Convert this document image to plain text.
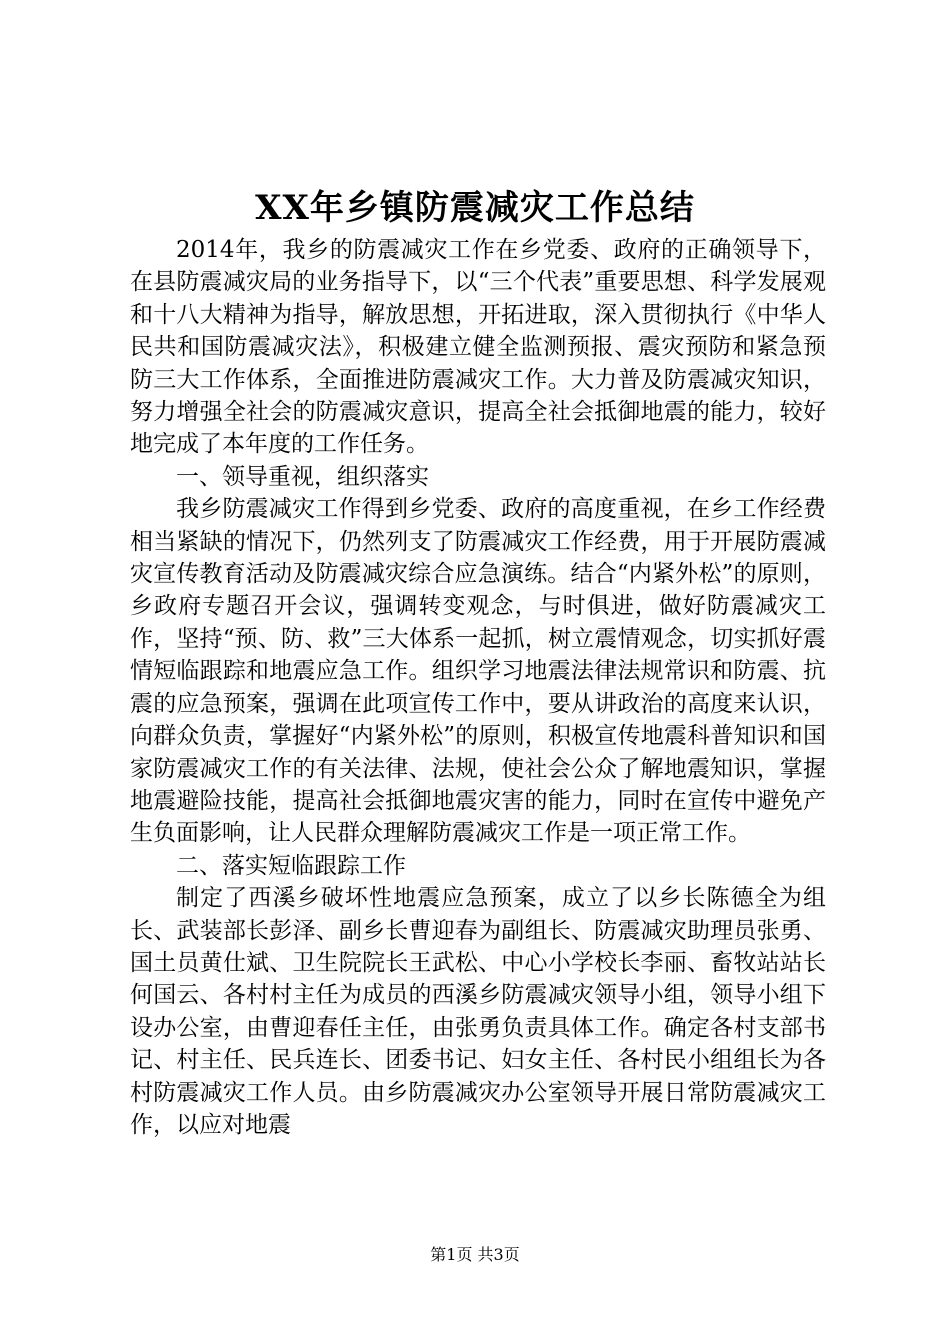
XX年乡镇防震减灾工作总结

2014年，我乡的防震减灾工作在乡党委、政府的正确领导下，在县防震减灾局的业务指导下，以“三个代表”重要思想、科学发展观和十八大精神为指导，解放思想，开拓进取，深入贯彻执行《中华人民共和国防震减灾法》，积极建立健全监测预报、震灾预防和紧急预防三大工作体系，全面推进防震减灾工作。大力普及防震减灾知识，努力增强全社会的防震减灾意识，提高全社会抵御地震的能力，较好地完成了本年度的工作任务。

一、领导重视，组织落实

我乡防震减灾工作得到乡党委、政府的高度重视，在乡工作经费相当紧缺的情况下，仍然列支了防震减灾工作经费，用于开展防震减灾宣传教育活动及防震减灾综合应急演练。结合“内紧外松”的原则，乡政府专题召开会议，强调转变观念，与时俱进，做好防震减灾工作，坚持“预、防、救”三大体系一起抓，树立震情观念，切实抓好震情短临跟踪和地震应急工作。组织学习地震法律法规常识和防震、抗震的应急预案，强调在此项宣传工作中，要从讲政治的高度来认识，向群众负责，掌握好“内紧外松”的原则，积极宣传地震科普知识和国家防震减灾工作的有关法律、法规，使社会公众了解地震知识，掌握地震避险技能，提高社会抵御地震灾害的能力，同时在宣传中避免产生负面影响，让人民群众理解防震减灾工作是一项正常工作。

二、落实短临跟踪工作

制定了西溪乡破坏性地震应急预案，成立了以乡长陈德全为组长、武装部长彭泽、副乡长曹迎春为副组长、防震减灾助理员张勇、国土员黄仕斌、卫生院院长王武松、中心小学校长李丽、畜牧站站长何国云、各村村主任为成员的西溪乡防震减灾领导小组，领导小组下设办公室，由曹迎春任主任，由张勇负责具体工作。确定各村支部书记、村主任、民兵连长、团委书记、妇女主任、各村民小组组长为各村防震减灾工作人员。由乡防震减灾办公室领导开展日常防震减灾工作，以应对地震

第1页 共3页
